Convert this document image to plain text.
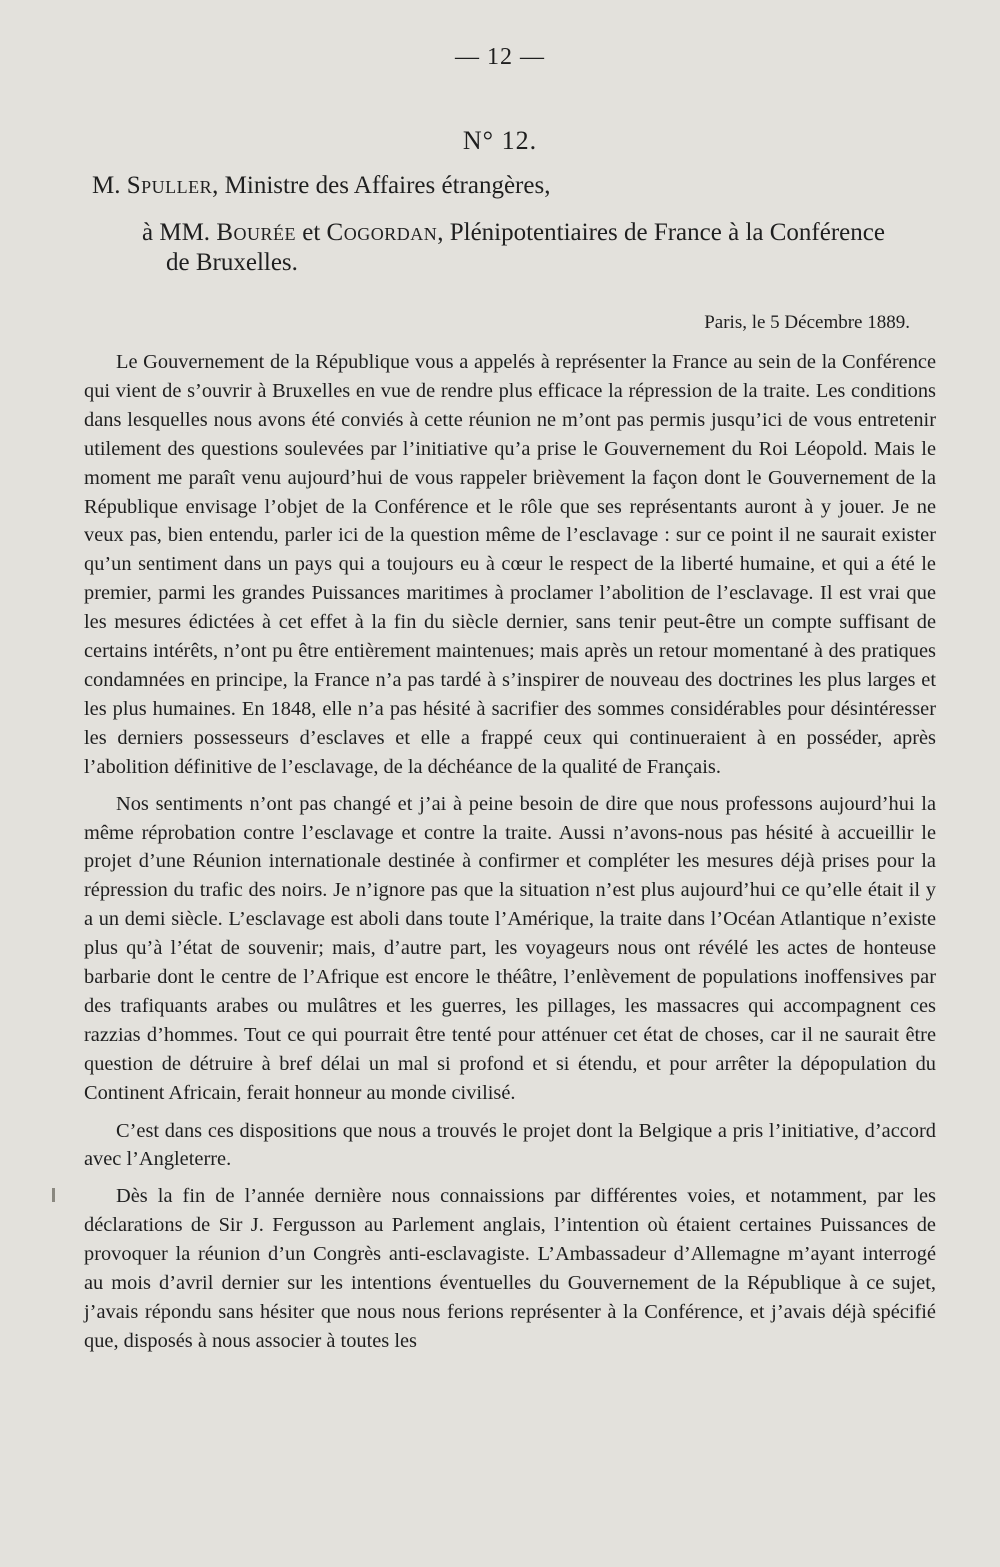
— 12 —
N° 12.
M. Spuller, Ministre des Affaires étrangères,
à MM. Bourée et Cogordan, Plénipotentiaires de France à la Conférence
de Bruxelles.
Paris, le 5 Décembre 1889.

Le Gouvernement de la République vous a appelés à représenter la France au sein de la Conférence qui vient de s’ouvrir à Bruxelles en vue de rendre plus efficace la répression de la traite. Les conditions dans lesquelles nous avons été conviés à cette réunion ne m’ont pas permis jusqu’ici de vous entretenir utilement des questions soulevées par l’initiative qu’a prise le Gouvernement du Roi Léopold. Mais le moment me paraît venu aujourd’hui de vous rappeler brièvement la façon dont le Gouvernement de la République envisage l’objet de la Conférence et le rôle que ses représentants auront à y jouer. Je ne veux pas, bien entendu, parler ici de la question même de l’esclavage : sur ce point il ne saurait exister qu’un sentiment dans un pays qui a toujours eu à cœur le respect de la liberté humaine, et qui a été le premier, parmi les grandes Puissances maritimes à proclamer l’abolition de l’esclavage. Il est vrai que les mesures édictées à cet effet à la fin du siècle dernier, sans tenir peut-être un compte suffisant de certains intérêts, n’ont pu être entièrement maintenues; mais après un retour momentané à des pratiques condamnées en principe, la France n’a pas tardé à s’inspirer de nouveau des doctrines les plus larges et les plus humaines. En 1848, elle n’a pas hésité à sacrifier des sommes considérables pour désintéresser les derniers possesseurs d’esclaves et elle a frappé ceux qui continueraient à en posséder, après l’abolition définitive de l’esclavage, de la déchéance de la qualité de Français.

Nos sentiments n’ont pas changé et j’ai à peine besoin de dire que nous professons aujourd’hui la même réprobation contre l’esclavage et contre la traite. Aussi n’avons-nous pas hésité à accueillir le projet d’une Réunion internationale destinée à confirmer et compléter les mesures déjà prises pour la répression du trafic des noirs. Je n’ignore pas que la situation n’est plus aujourd’hui ce qu’elle était il y a un demi siècle. L’esclavage est aboli dans toute l’Amérique, la traite dans l’Océan Atlantique n’existe plus qu’à l’état de souvenir; mais, d’autre part, les voyageurs nous ont révélé les actes de honteuse barbarie dont le centre de l’Afrique est encore le théâtre, l’enlèvement de populations inoffensives par des trafiquants arabes ou mulâtres et les guerres, les pillages, les massacres qui accompagnent ces razzias d’hommes. Tout ce qui pourrait être tenté pour atténuer cet état de choses, car il ne saurait être question de détruire à bref délai un mal si profond et si étendu, et pour arrêter la dépopulation du Continent Africain, ferait honneur au monde civilisé.

C’est dans ces dispositions que nous a trouvés le projet dont la Belgique a pris l’initiative, d’accord avec l’Angleterre.

Dès la fin de l’année dernière nous connaissions par différentes voies, et notamment, par les déclarations de Sir J. Fergusson au Parlement anglais, l’intention où étaient certaines Puissances de provoquer la réunion d’un Congrès anti-esclavagiste. L’Ambassadeur d’Allemagne m’ayant interrogé au mois d’avril dernier sur les intentions éventuelles du Gouvernement de la République à ce sujet, j’avais répondu sans hésiter que nous nous ferions représenter à la Conférence, et j’avais déjà spécifié que, disposés à nous associer à toutes les
